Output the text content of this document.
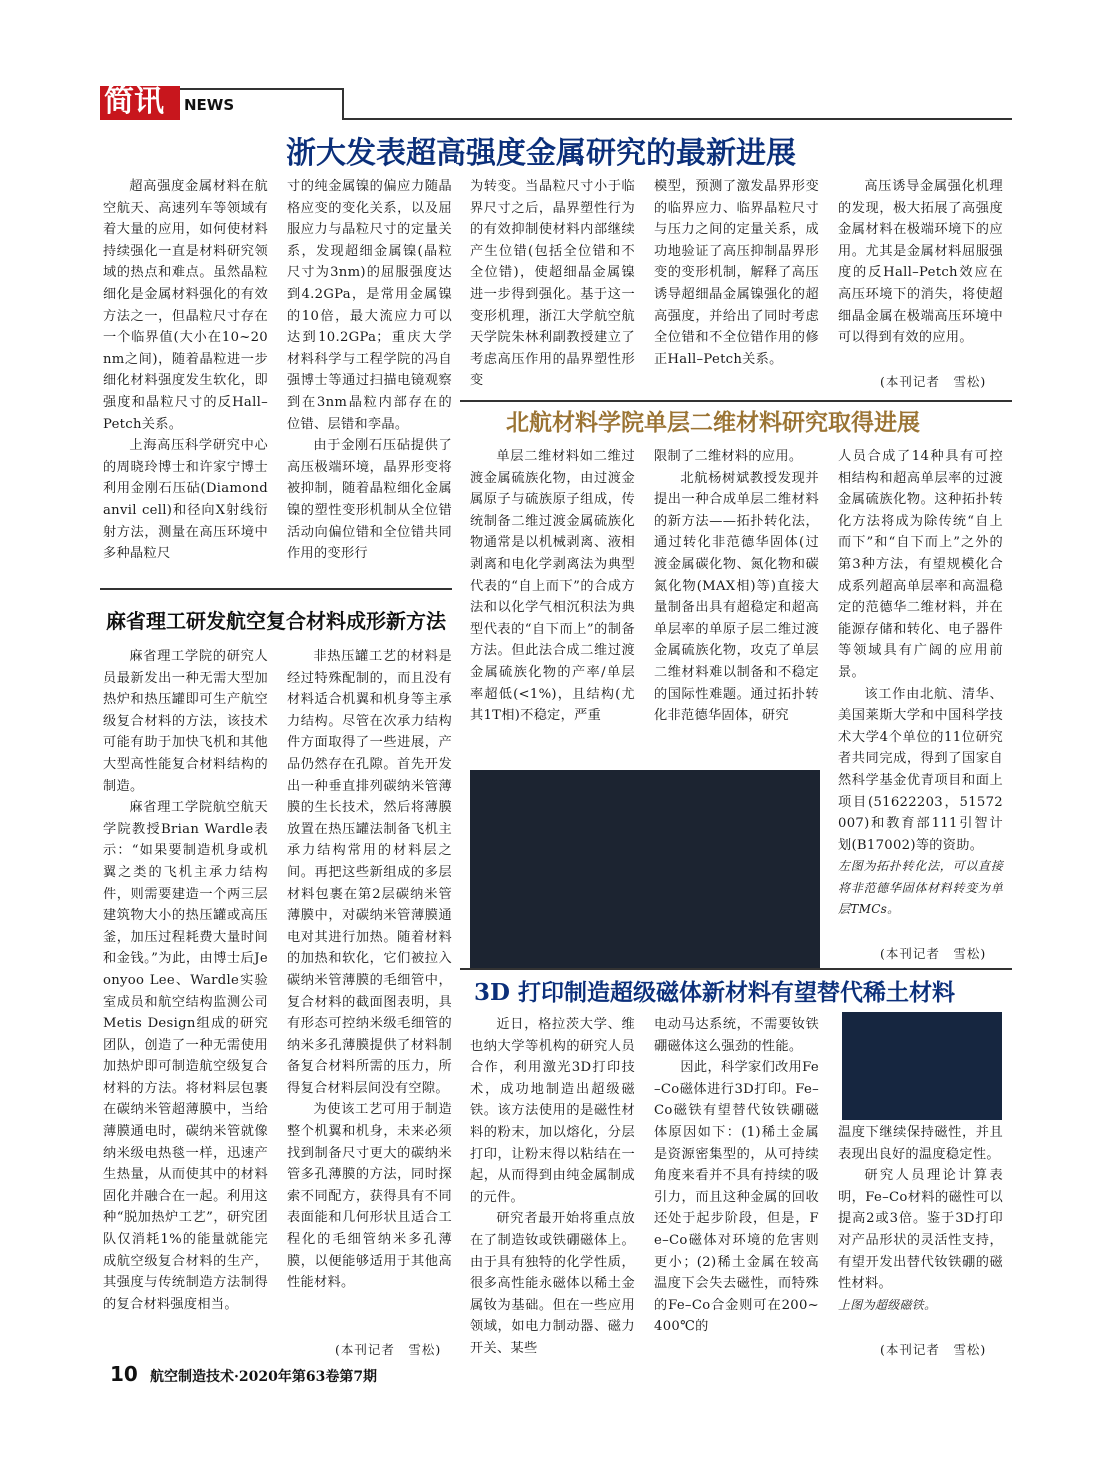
简讯	NEWS
浙大发表超高强度金属研究的最新进展

超高强度金属材料在航空航天、高速列车等领域有着大量的应用，如何使材料持续强化一直是材料研究领域的热点和难点。虽然晶粒细化是金属材料强化的有效方法之一，但晶粒尺寸存在一个临界值(大小在10~20nm之间)，随着晶粒进一步细化材料强度发生软化，即强度和晶粒尺寸的反Hall–Petch关系。

上海高压科学研究中心的周晓玲博士和许家宁博士利用金刚石压砧(Diamond anvil cell)和径向X射线衍射方法，测量在高压环境中多种晶粒尺

寸的纯金属镍的偏应力随晶格应变的变化关系，以及屈服应力与晶粒尺寸的定量关系，发现超细金属镍(晶粒尺寸为3nm)的屈服强度达到4.2GPa，是常用金属镍的10倍，最大流应力可以达到10.2GPa；重庆大学材料科学与工程学院的冯自强博士等通过扫描电镜观察到在3nm晶粒内部存在的位错、层错和孪晶。

由于金刚石压砧提供了高压极端环境，晶界形变将被抑制，随着晶粒细化金属镍的塑性变形机制从全位错活动向偏位错和全位错共同作用的变形行

为转变。当晶粒尺寸小于临界尺寸之后，晶界塑性行为的有效抑制使材料内部继续产生位错(包括全位错和不全位错)，使超细晶金属镍进一步得到强化。基于这一变形机理，浙江大学航空航天学院朱林利副教授建立了考虑高压作用的晶界塑性形变

模型，预测了激发晶界形变的临界应力、临界晶粒尺寸与压力之间的定量关系，成功地验证了高压抑制晶界形变的变形机制，解释了高压诱导超细晶金属镍强化的超高强度，并给出了同时考虑全位错和不全位错作用的修正Hall–Petch关系。

高压诱导金属强化机理的发现，极大拓展了高强度金属材料在极端环境下的应用。尤其是金属材料屈服强度的反Hall–Petch效应在高压环境下的消失，将使超细晶金属在极端高压环境中可以得到有效的应用。

(本刊记者　雪松)
北航材料学院单层二维材料研究取得进展

单层二维材料如二维过渡金属硫族化物，由过渡金属原子与硫族原子组成，传统制备二维过渡金属硫族化物通常是以机械剥离、液相剥离和电化学剥离法为典型代表的“自上而下”的合成方法和以化学气相沉积法为典型代表的“自下而上”的制备方法。但此法合成二维过渡金属硫族化物的产率/单层率超低(<1%)，且结构(尤其1T相)不稳定，严重

限制了二维材料的应用。

北航杨树斌教授发现并提出一种合成单层二维材料的新方法——拓扑转化法，通过转化非范德华固体(过渡金属碳化物、氮化物和碳氮化物(MAX相)等)直接大量制备出具有超稳定和超高单层率的单原子层二维过渡金属硫族化物，攻克了单层二维材料难以制备和不稳定的国际性难题。通过拓扑转化非范德华固体，研究

人员合成了14种具有可控相结构和超高单层率的过渡金属硫族化物。这种拓扑转化方法将成为除传统“自上而下”和“自下而上”之外的第3种方法，有望规模化合成系列超高单层率和高温稳定的范德华二维材料，并在能源存储和转化、电子器件等领域具有广阔的应用前景。

该工作由北航、清华、美国莱斯大学和中国科学技术大学4个单位的11位研究者共同完成，得到了国家自然科学基金优青项目和面上项目(51622203，51572007)和教育部111引智计划(B17002)等的资助。

左图为拓扑转化法，可以直接将非范德华固体材料转变为单层TMCs。

(本刊记者　雪松)
麻省理工研发航空复合材料成形新方法

麻省理工学院的研究人员最新发出一种无需大型加热炉和热压罐即可生产航空级复合材料的方法，该技术可能有助于加快飞机和其他大型高性能复合材料结构的制造。

麻省理工学院航空航天学院教授Brian Wardle表示：“如果要制造机身或机翼之类的飞机主承力结构件，则需要建造一个两三层建筑物大小的热压罐或高压釜，加压过程耗费大量时间和金钱。”为此，由博士后Jeonyoo Lee、Wardle实验室成员和航空结构监测公司Metis Design组成的研究团队，创造了一种无需使用加热炉即可制造航空级复合材料的方法。将材料层包裹在碳纳米管超薄膜中，当给薄膜通电时，碳纳米管就像纳米级电热毯一样，迅速产生热量，从而使其中的材料固化并融合在一起。利用这种“脱加热炉工艺”，研究团队仅消耗1%的能量就能完成航空级复合材料的生产，其强度与传统制造方法制得的复合材料强度相当。

非热压罐工艺的材料是经过特殊配制的，而且没有材料适合机翼和机身等主承力结构。尽管在次承力结构件方面取得了一些进展，产品仍然存在孔隙。首先开发出一种垂直排列碳纳米管薄膜的生长技术，然后将薄膜放置在热压罐法制备飞机主承力结构常用的材料层之间。再把这些新组成的多层材料包裹在第2层碳纳米管薄膜中，对碳纳米管薄膜通电对其进行加热。随着材料的加热和软化，它们被拉入碳纳米管薄膜的毛细管中，复合材料的截面图表明，具有形态可控纳米级毛细管的纳米多孔薄膜提供了材料制备复合材料所需的压力，所得复合材料层间没有空隙。

为使该工艺可用于制造整个机翼和机身，未来必须找到制备尺寸更大的碳纳米管多孔薄膜的方法，同时探索不同配方，获得具有不同表面能和几何形状且适合工程化的毛细管纳米多孔薄膜，以便能够适用于其他高性能材料。

(本刊记者　雪松)
3D 打印制造超级磁体新材料有望替代稀土材料

近日，格拉茨大学、维也纳大学等机构的研究人员合作，利用激光3D打印技术，成功地制造出超级磁铁。该方法使用的是磁性材料的粉末，加以熔化，分层打印，让粉末得以粘结在一起，从而得到由纯金属制成的元件。

研究者最开始将重点放在了制造钕或铁硼磁体上。由于具有独特的化学性质，很多高性能永磁体以稀土金属钕为基础。但在一些应用领域，如电力制动器、磁力开关、某些

电动马达系统，不需要钕铁硼磁体这么强劲的性能。

因此，科学家们改用Fe–Co磁体进行3D打印。Fe–Co磁铁有望替代钕铁硼磁体原因如下：(1)稀土金属是资源密集型的，从可持续角度来看并不具有持续的吸引力，而且这种金属的回收还处于起步阶段，但是，Fe–Co磁体对环境的危害则更小；(2)稀土金属在较高温度下会失去磁性，而特殊的Fe–Co合金则可在200~400℃的

温度下继续保持磁性，并且表现出良好的温度稳定性。

研究人员理论计算表明，Fe–Co材料的磁性可以提高2或3倍。鉴于3D打印对产品形状的灵活性支持，有望开发出替代钕铁硼的磁性材料。

上图为超级磁铁。

(本刊记者　雪松)
10 航空制造技术·2020年第63卷第7期
